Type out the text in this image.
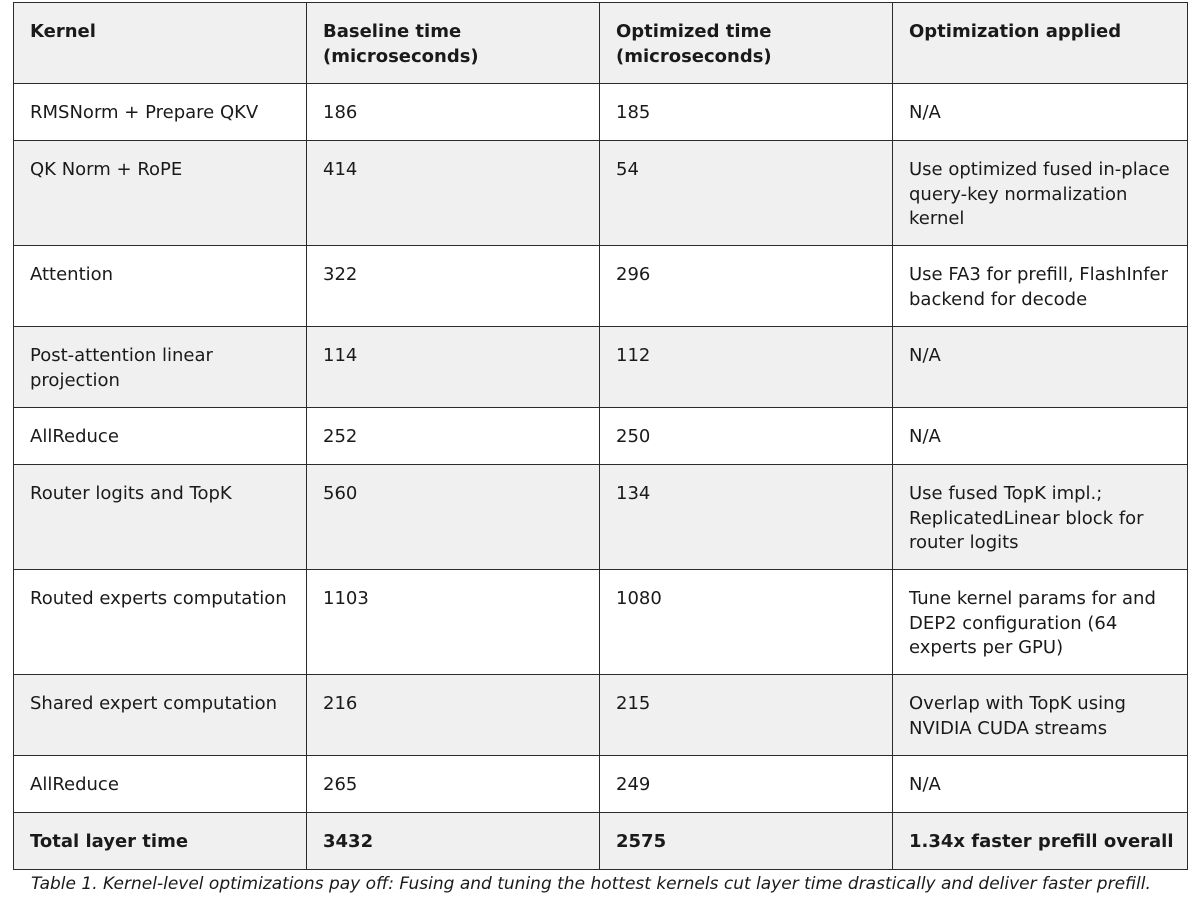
Kernel	Baseline time (microseconds)	Optimized time (microseconds)	Optimization applied
RMSNorm + Prepare QKV	186	185	N/A
QK Norm + RoPE	414	54	Use optimized fused in-place query-key normalization kernel
Attention	322	296	Use FA3 for prefill, FlashInfer backend for decode
Post-attention linear projection	114	112	N/A
AllReduce	252	250	N/A
Router logits and TopK	560	134	Use fused TopK impl.; ReplicatedLinear block for router logits
Routed experts computation	1103	1080	Tune kernel params for and DEP2 configuration (64 experts per GPU)
Shared expert computation	216	215	Overlap with TopK using NVIDIA CUDA streams
AllReduce	265	249	N/A
Total layer time	3432	2575	1.34x faster prefill overall
Table 1. Kernel-level optimizations pay off: Fusing and tuning the hottest kernels cut layer time drastically and deliver faster prefill.
